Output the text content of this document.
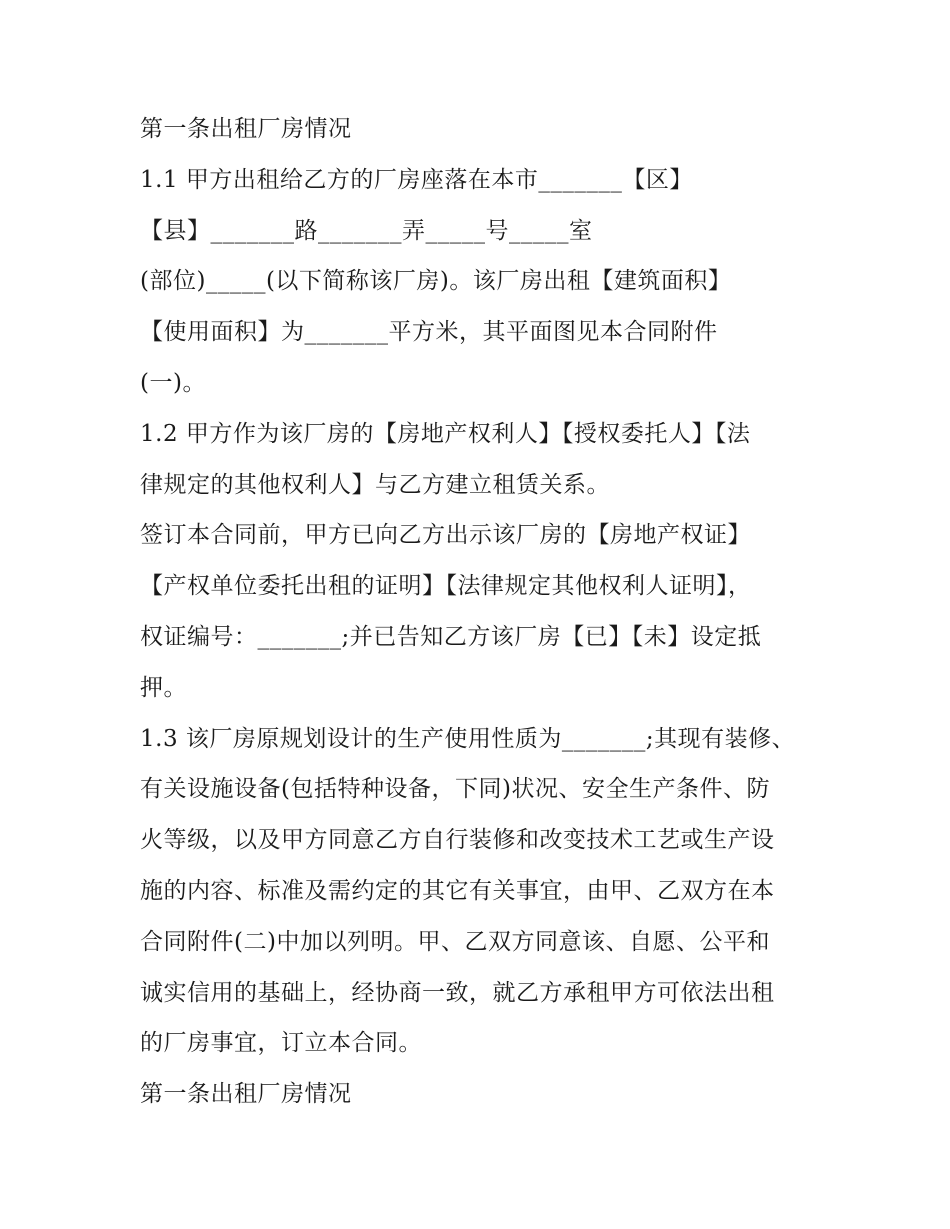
第一条出租厂房情况
1.1 甲方出租给乙方的厂房座落在本市_______【区】
【县】_______路_______弄_____号_____室
(部位)_____(以下简称该厂房)。该厂房出租【建筑面积】
【使用面积】为_______平方米，其平面图见本合同附件
(一)。
1.2 甲方作为该厂房的【房地产权利人】【授权委托人】【法
律规定的其他权利人】与乙方建立租赁关系。
签订本合同前，甲方已向乙方出示该厂房的【房地产权证】
【产权单位委托出租的证明】【法律规定其他权利人证明】，
权证编号：_______;并已告知乙方该厂房【已】【未】设定抵
押。
1.3 该厂房原规划设计的生产使用性质为_______;其现有装修、
有关设施设备(包括特种设备，下同)状况、安全生产条件、防
火等级，以及甲方同意乙方自行装修和改变技术工艺或生产设
施的内容、标准及需约定的其它有关事宜，由甲、乙双方在本
合同附件(二)中加以列明。甲、乙双方同意该、自愿、公平和
诚实信用的基础上，经协商一致，就乙方承租甲方可依法出租
的厂房事宜，订立本合同。
第一条出租厂房情况
